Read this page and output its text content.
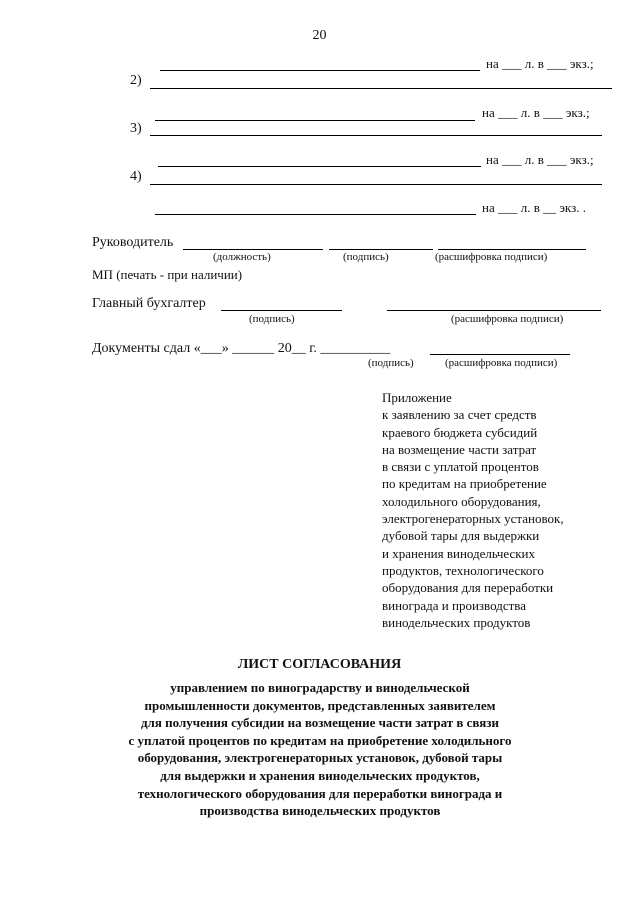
20
на ___ л. в ___ экз.;
2)
на ___ л. в ___ экз.;
3)
на ___ л. в ___ экз.;
4)
на ___ л. в __ экз. .
Руководитель
(должность)	(подпись)	(расшифровка подписи)
МП (печать - при наличии)
Главный бухгалтер
(подпись)	(расшифровка подписи)
Документы сдал «___» ______ 20__ г. __________
(подпись)	(расшифровка подписи)
Приложение
к заявлению за счет средств
краевого бюджета субсидий
на возмещение части затрат
в связи с уплатой процентов
по кредитам на приобретение
холодильного оборудования,
электрогенераторных установок,
дубовой тары для выдержки
и хранения винодельческих
продуктов, технологического
оборудования для переработки
винограда и производства
винодельческих продуктов
ЛИСТ СОГЛАСОВАНИЯ
управлением по виноградарству и винодельческой
промышленности документов, представленных заявителем
для получения субсидии на возмещение части затрат в связи
с уплатой процентов по кредитам на приобретение холодильного
оборудования, электрогенераторных установок, дубовой тары
для выдержки и хранения винодельческих продуктов,
технологического оборудования для переработки винограда и
производства винодельческих продуктов
